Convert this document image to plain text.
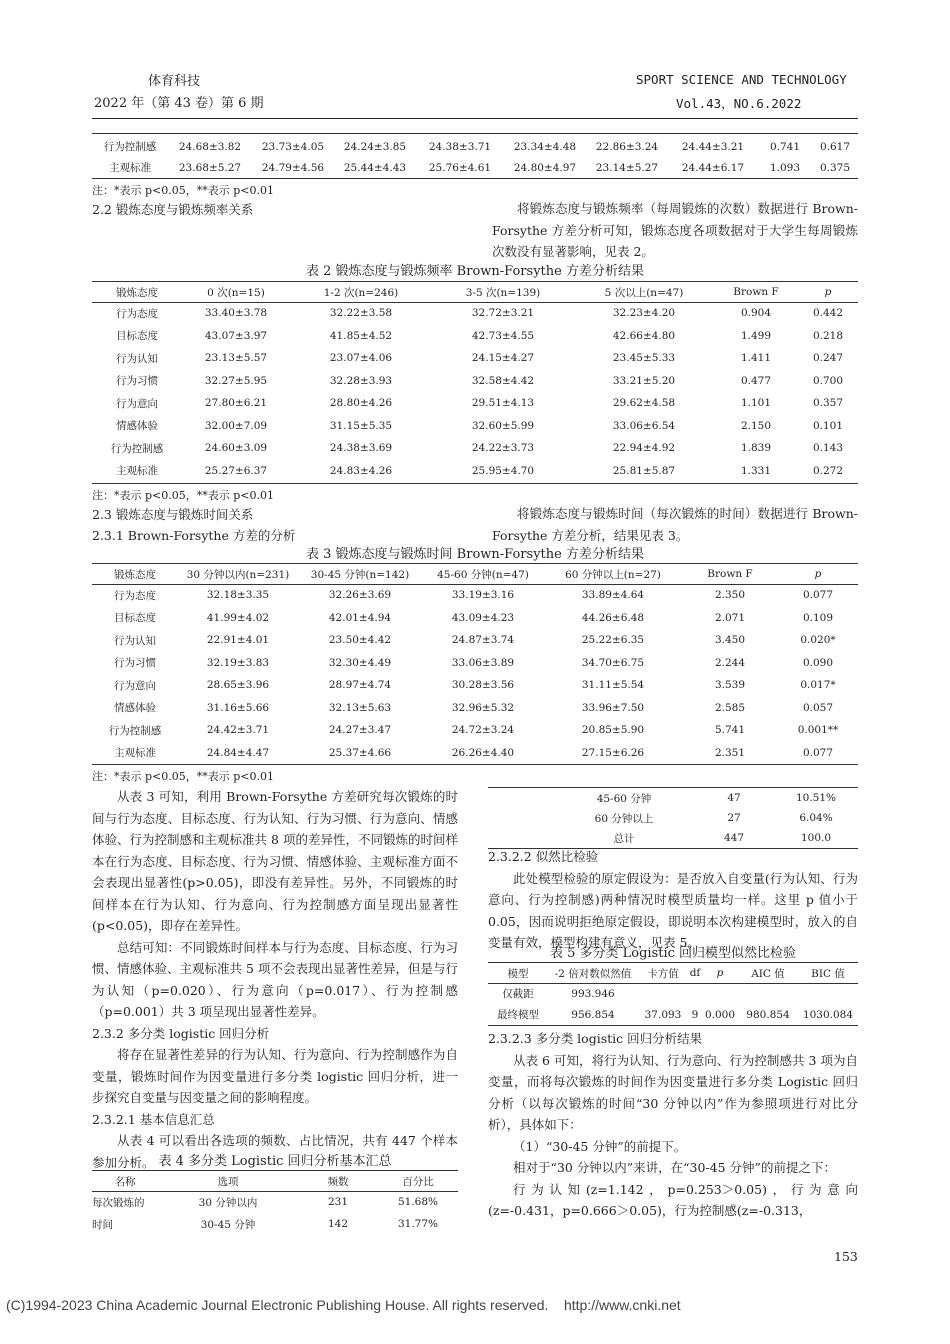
体育科技
2022 年（第 43 卷）第 6 期
SPORT SCIENCE AND TECHNOLOGY
Vol.43，NO.6.2022
行为控制感	24.68±3.82	23.73±4.05	24.24±3.85	24.38±3.71	23.34±4.48	22.86±3.24	24.44±3.21	0.741	0.617
主观标准	23.68±5.27	24.79±4.56	25.44±4.43	25.76±4.61	24.80±4.97	23.14±5.27	24.44±6.17	1.093	0.375
注：*表示 p<0.05，**表示 p<0.01
2.2 锻炼态度与锻炼频率关系	将锻炼态度与锻炼频率（每周锻炼的次数）数据进行 Brown-Forsythe 方差分析可知，锻炼态度各项数据对于大学生每周锻炼次数没有显著影响，见表 2。

表 2 锻炼态度与锻炼频率 Brown-Forsythe 方差分析结果
锻炼态度	0 次(n=15)	1-2 次(n=246)	3-5 次(n=139)	5 次以上(n=47)	Brown F	p
行为态度	33.40±3.78	32.22±3.58	32.72±3.21	32.23±4.20	0.904	0.442
目标态度	43.07±3.97	41.85±4.52	42.73±4.55	42.66±4.80	1.499	0.218
行为认知	23.13±5.57	23.07±4.06	24.15±4.27	23.45±5.33	1.411	0.247
行为习惯	32.27±5.95	32.28±3.93	32.58±4.42	33.21±5.20	0.477	0.700
行为意向	27.80±6.21	28.80±4.26	29.51±4.13	29.62±4.58	1.101	0.357
情感体验	32.00±7.09	31.15±5.35	32.60±5.99	33.06±6.54	2.150	0.101
行为控制感	24.60±3.09	24.38±3.69	24.22±3.73	22.94±4.92	1.839	0.143
主观标准	25.27±6.37	24.83±4.26	25.95±4.70	25.81±5.87	1.331	0.272
注：*表示 p<0.05，**表示 p<0.01
2.3 锻炼态度与锻炼时间关系
2.3.1 Brown-Forsythe 方差的分析

将锻炼态度与锻炼时间（每次锻炼的时间）数据进行 Brown-Forsythe 方差分析，结果见表 3。

表 3 锻炼态度与锻炼时间 Brown-Forsythe 方差分析结果
锻炼态度	30 分钟以内(n=231)	30-45 分钟(n=142)	45-60 分钟(n=47)	60 分钟以上(n=27)	Brown F	p
行为态度	32.18±3.35	32.26±3.69	33.19±3.16	33.89±4.64	2.350	0.077
目标态度	41.99±4.02	42.01±4.94	43.09±4.23	44.26±6.48	2.071	0.109
行为认知	22.91±4.01	23.50±4.42	24.87±3.74	25.22±6.35	3.450	0.020*
行为习惯	32.19±3.83	32.30±4.49	33.06±3.89	34.70±6.75	2.244	0.090
行为意向	28.65±3.96	28.97±4.74	30.28±3.56	31.11±5.54	3.539	0.017*
情感体验	31.16±5.66	32.13±5.63	32.96±5.32	33.96±7.50	2.585	0.057
行为控制感	24.42±3.71	24.27±3.47	24.72±3.24	20.85±5.90	5.741	0.001**
主观标准	24.84±4.47	25.37±4.66	26.26±4.40	27.15±6.26	2.351	0.077
注：*表示 p<0.05，**表示 p<0.01

从表 3 可知，利用 Brown-Forsythe 方差研究每次锻炼的时间与行为态度、目标态度、行为认知、行为习惯、行为意向、情感体验、行为控制感和主观标准共 8 项的差异性，不同锻炼的时间样本在行为态度、目标态度、行为习惯、情感体验、主观标准方面不会表现出显著性(p>0.05)，即没有差异性。另外，不同锻炼的时间样本在行为认知、行为意向、行为控制感方面呈现出显著性(p<0.05)，即存在差异性。

总结可知：不同锻炼时间样本与行为态度、目标态度、行为习惯、情感体验、主观标准共 5 项不会表现出显著性差异，但是与行为认知（p=0.020）、行为意向（p=0.017）、行为控制感（p=0.001）共 3 项呈现出显著性差异。

2.3.2 多分类 logistic 回归分析

将存在显著性差异的行为认知、行为意向、行为控制感作为自变量，锻炼时间作为因变量进行多分类 logistic 回归分析，进一步探究自变量与因变量之间的影响程度。

2.3.2.1 基本信息汇总

从表 4 可以看出各选项的频数、占比情况，共有 447 个样本参加分析。 表 4 多分类 Logistic 回归分析基本汇总
名称	选项	频数	百分比
每次锻炼的	30 分钟以内	231	51.68%
时间	30-45 分钟	142	31.77%
	45-60 分钟	47	10.51%
	60 分钟以上	27	6.04%
	总计	447	100.0
2.3.2.2 似然比检验

此处模型检验的原定假设为：是否放入自变量(行为认知、行为意向、行为控制感)两种情况时模型质量均一样。这里 p 值小于 0.05，因而说明拒绝原定假设，即说明本次构建模型时，放入的自变量有效，模型构建有意义，见表 5。

表 5 多分类 Logistic 回归模型似然比检验
模型	-2 倍对数似然值	卡方值	df	p	AIC 值	BIC 值
仅截距	993.946					
最终模型	956.854	37.093	9	0.000	980.854	1030.084
2.3.2.3 多分类 logistic 回归分析结果

从表 6 可知，将行为认知、行为意向、行为控制感共 3 项为自变量，而将每次锻炼的时间作为因变量进行多分类 Logistic 回归分析（以每次锻炼的时间“30 分钟以内”作为参照项进行对比分析），具体如下：

（1）“30-45 分钟”的前提下。

相对于“30 分钟以内”来讲，在“30-45 分钟”的前提之下：

行为认知(z=1.142，p=0.253＞0.05)，行为意向(z=-0.431，p=0.666＞0.05)，行为控制感(z=-0.313，

153
(C)1994-2023 China Academic Journal Electronic Publishing House. All rights reserved.    http://www.cnki.net
